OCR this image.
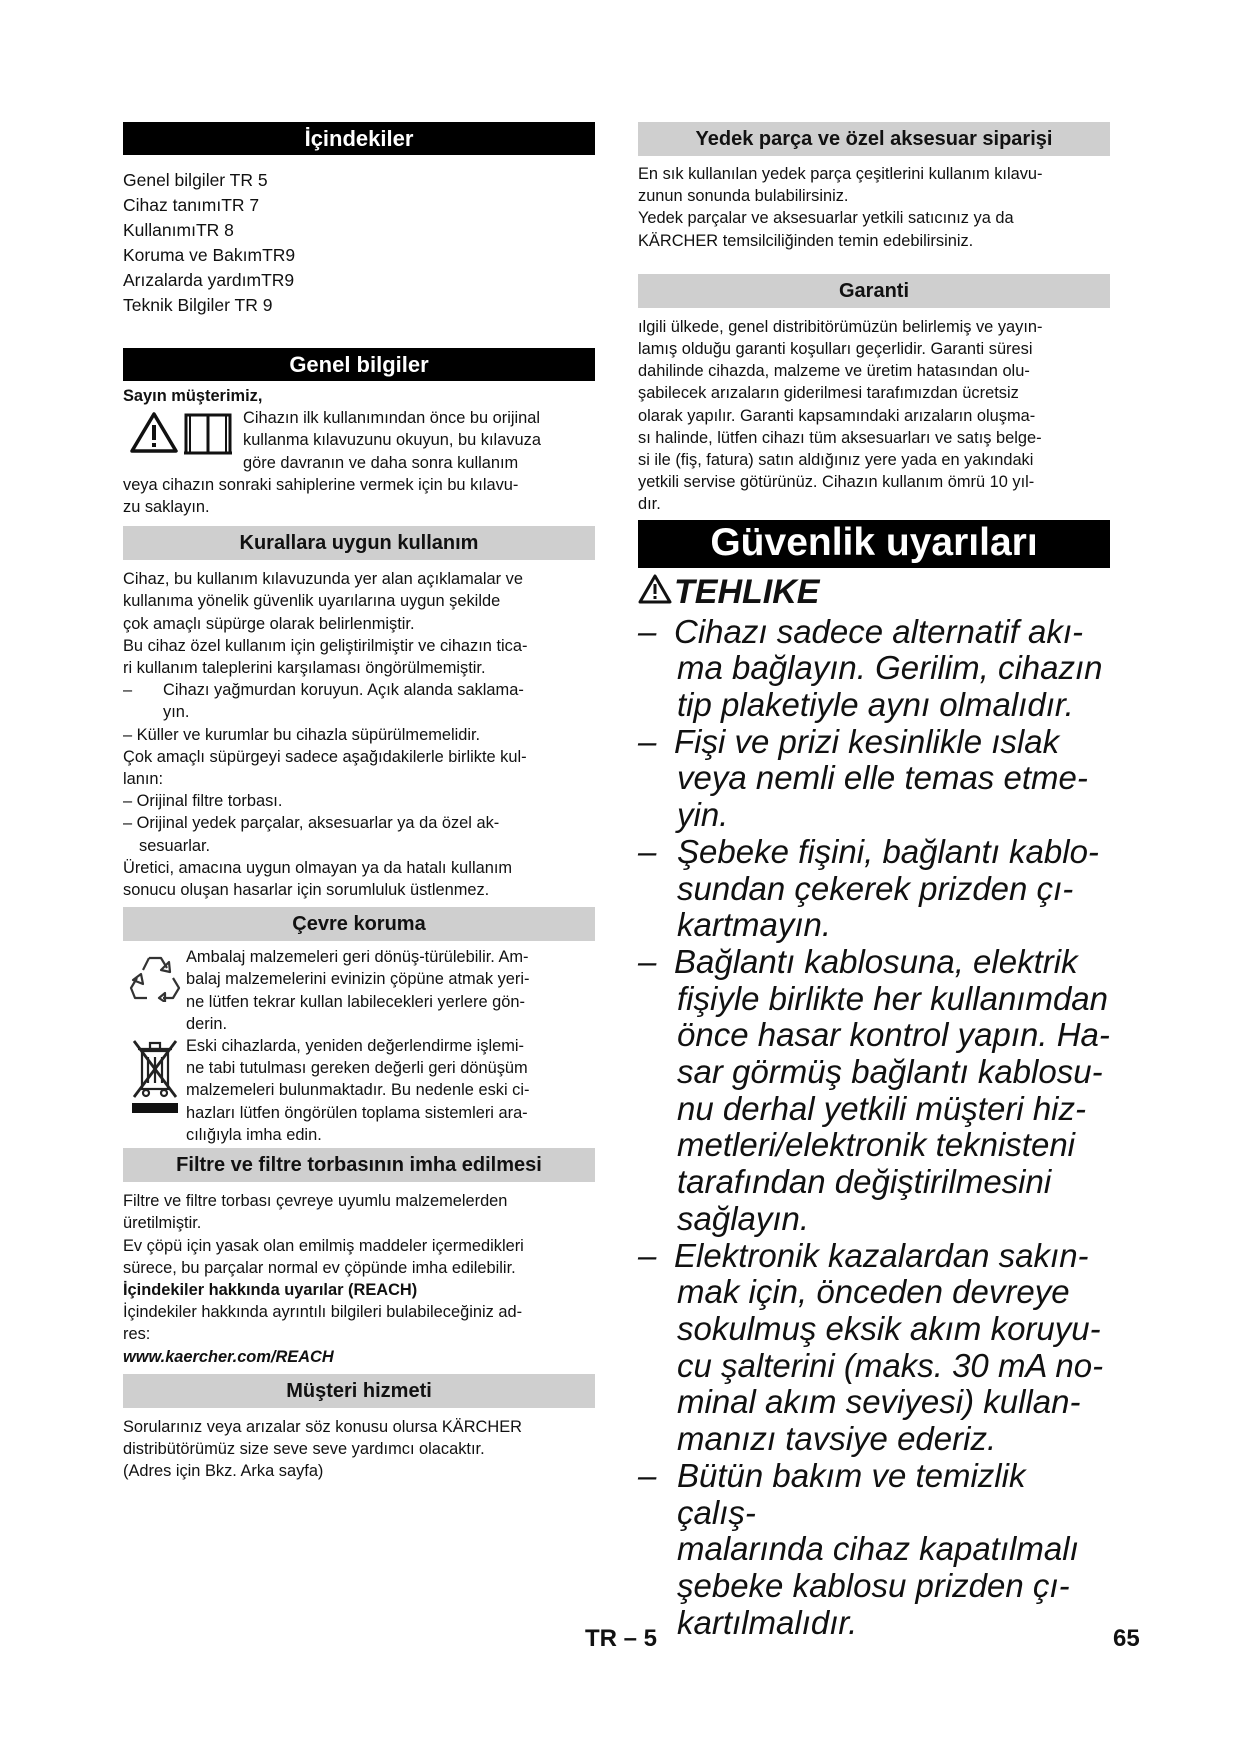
İçindekiler

Genel bilgiler TR 5

Cihaz tanımıTR 7

KullanımıTR 8

Koruma ve BakımTR9

Arızalarda yardımTR9

Teknik Bilgiler TR 9

Genel bilgiler

Sayın müşterimiz,

Cihazın ilk kullanımından önce bu orijinal

kullanma kılavuzunu okuyun, bu kılavuza

göre davranın ve daha sonra kullanım

veya cihazın sonraki sahiplerine vermek için bu kılavu-

zu saklayın.

Kurallara uygun kullanım

Cihaz, bu kullanım kılavuzunda yer alan açıklamalar ve

kullanıma yönelik güvenlik uyarılarına uygun şekilde

çok amaçlı süpürge olarak belirlenmiştir.

Bu cihaz özel kullanım için geliştirilmiştir ve cihazın tica-

ri kullanım taleplerini karşılaması öngörülmemiştir.

–	Cihazı yağmurdan koruyun. Açık alanda saklama-

yın.

– Küller ve kurumlar bu cihazla süpürülmemelidir.

Çok amaçlı süpürgeyi sadece aşağıdakilerle birlikte kul-

lanın:

– Orijinal filtre torbası.

– Orijinal yedek parçalar, aksesuarlar ya da özel ak-

sesuarlar.

Üretici, amacına uygun olmayan ya da hatalı kullanım

sonucu oluşan hasarlar için sorumluluk üstlenmez.

Çevre koruma

Ambalaj malzemeleri geri dönüş-türülebilir. Am-

balaj malzemelerini evinizin çöpüne atmak yeri-

ne lütfen tekrar kullan labilecekleri yerlere gön-

derin.

Eski cihazlarda, yeniden değerlendirme işlemi-

ne tabi tutulması gereken değerli geri dönüşüm

malzemeleri bulunmaktadır. Bu nedenle eski ci-

hazları lütfen öngörülen toplama sistemleri ara-

cılığıyla imha edin.

Filtre ve filtre torbasının imha edilmesi

Filtre ve filtre torbası çevreye uyumlu malzemelerden

üretilmiştir.

Ev çöpü için yasak olan emilmiş maddeler içermedikleri

sürece, bu parçalar normal ev çöpünde imha edilebilir.

İçindekiler hakkında uyarılar (REACH)

İçindekiler hakkında ayrıntılı bilgileri bulabileceğiniz ad-

res:

www.kaercher.com/REACH

Müşteri hizmeti

Sorularınız veya arızalar söz konusu olursa KÄRCHER

distribütörümüz size seve seve yardımcı olacaktır.

(Adres için Bkz. Arka sayfa)

Yedek parça ve özel aksesuar siparişi

En sık kullanılan yedek parça çeşitlerini kullanım kılavu-

zunun sonunda bulabilirsiniz.

Yedek parçalar ve aksesuarlar yetkili satıcınız ya da

KÄRCHER temsilciliğinden temin edebilirsiniz.

Garanti

ılgili ülkede, genel distribitörümüzün belirlemiş ve yayın-

lamış olduğu garanti koşulları geçerlidir. Garanti süresi

dahilinde cihazda, malzeme ve üretim hatasından olu-

şabilecek arızaların giderilmesi tarafımızdan ücretsiz

olarak yapılır. Garanti kapsamındaki arızaların oluşma-

sı halinde, lütfen cihazı tüm aksesuarları ve satış belge-

si ile (fiş, fatura) satın aldığınız yere yada en yakındaki

yetkili servise götürünüz. Cihazın kullanım ömrü 10 yıl-

dır.

Güvenlik uyarıları
TEHLIKE
– Cihazı sadece alternatif akı-

ma bağlayın. Gerilim, cihazın

tip plaketiyle aynı olmalıdır.

– Fişi ve prizi kesinlikle ıslak

veya nemli elle temas etme-

yin.

– Şebeke fişini, bağlantı kablo-

sundan çekerek prizden çı-

kartmayın.

– Bağlantı kablosuna, elektrik

fişiyle birlikte her kullanımdan

önce hasar kontrol yapın. Ha-

sar görmüş bağlantı kablosu-

nu derhal yetkili müşteri hiz-

metleri/elektronik teknisteni

tarafından değiştirilmesini

sağlayın.

– Elektronik kazalardan sakın-

mak için, önceden devreye

sokulmuş eksik akım koruyu-

cu şalterini (maks. 30 mA no-

minal akım seviyesi) kullan-

manızı tavsiye ederiz.

– Bütün bakım ve temizlik çalış-

malarında cihaz kapatılmalı

şebeke kablosu prizden çı-

kartılmalıdır.

TR – 5	65
